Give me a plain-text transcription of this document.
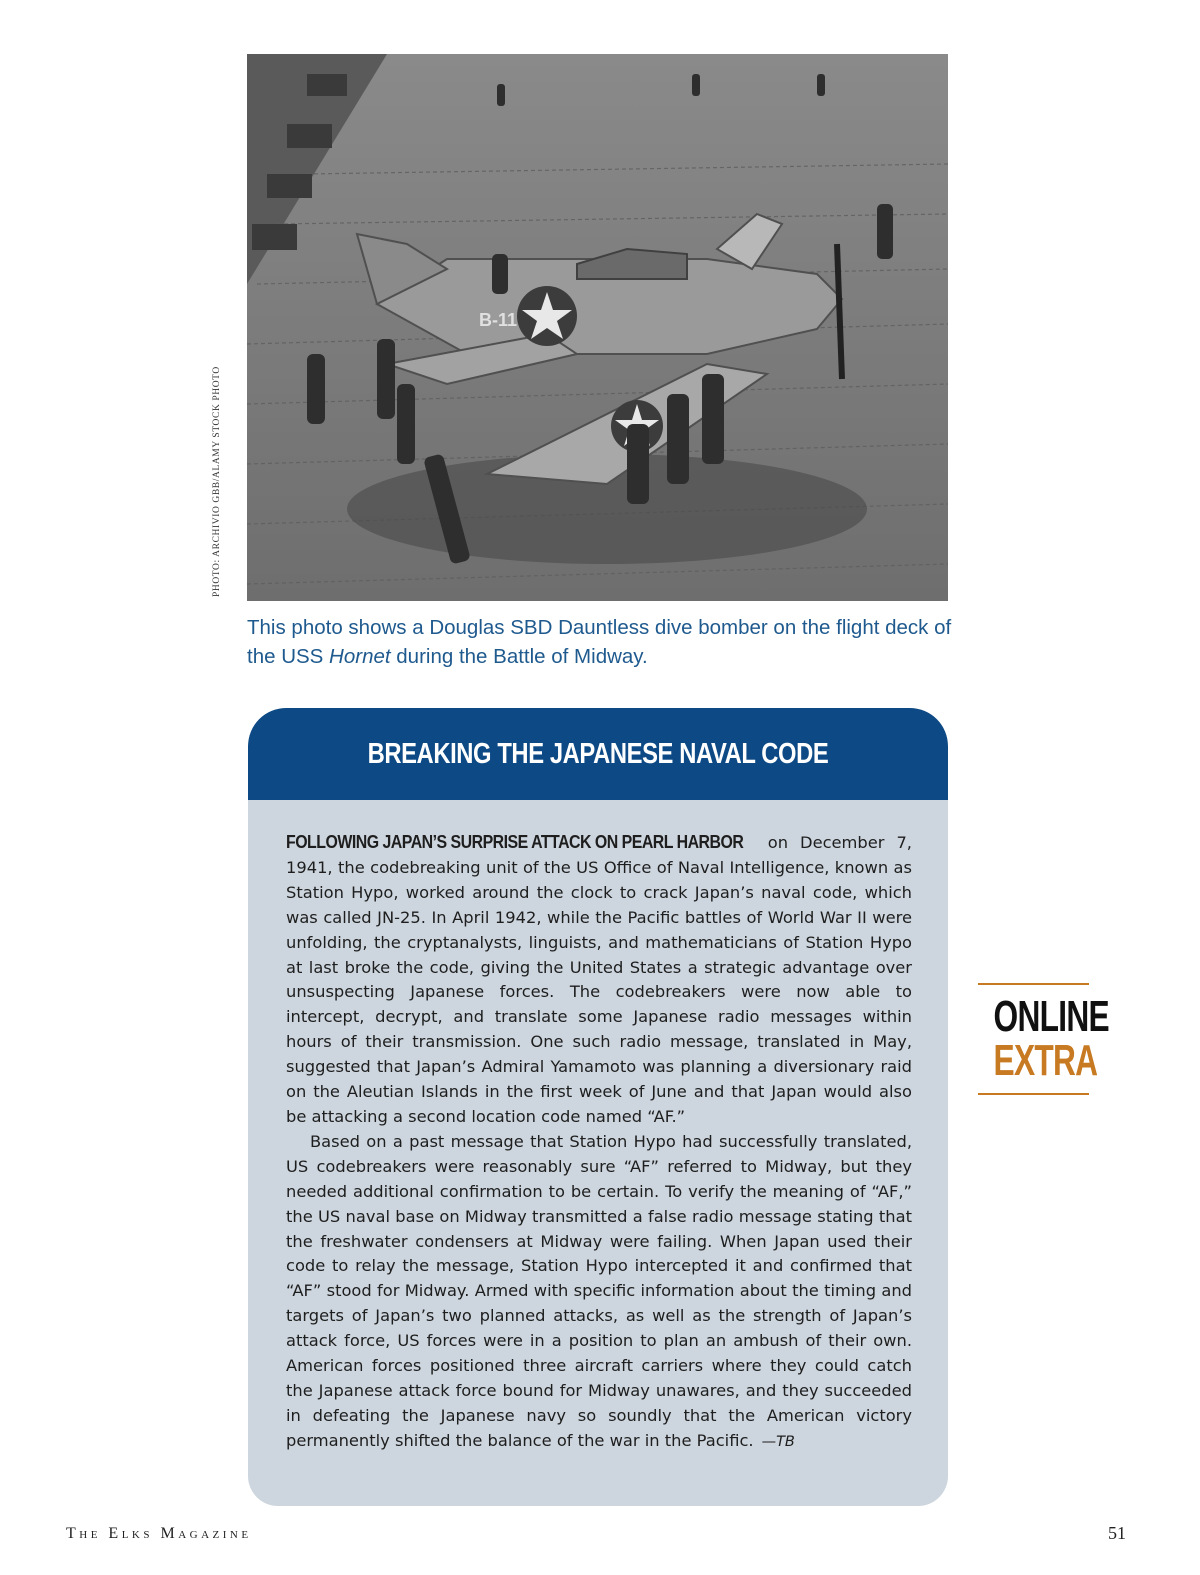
PHOTO: ARCHIVIO GBB/ALAMY STOCK PHOTO
B-11
This photo shows a Douglas SBD Dauntless dive bomber on the flight deck of the USS Hornet during the Battle of Midway.
BREAKING THE JAPANESE NAVAL CODE

FOLLOWING JAPAN’S SURPRISE ATTACK ON PEARL HARBOR on December 7, 1941, the codebreaking unit of the US Office of Naval Intelligence, known as Station Hypo, worked around the clock to crack Japan’s naval code, which was called JN-25. In April 1942, while the Pacific battles of World War II were unfolding, the cryptanalysts, linguists, and mathematicians of Station Hypo at last broke the code, giving the United States a strategic advantage over unsuspecting Japanese forces. The codebreakers were now able to intercept, decrypt, and translate some Japanese radio messages within hours of their transmission. One such radio message, translated in May, suggested that Japan’s Admiral Yamamoto was planning a diversionary raid on the Aleutian Islands in the first week of June and that Japan would also be attacking a second location code named “AF.”

Based on a past message that Station Hypo had successfully translated, US codebreakers were reasonably sure “AF” referred to Midway, but they needed additional confirmation to be certain. To verify the meaning of “AF,” the US naval base on Midway transmitted a false radio message stating that the freshwater condensers at Midway were failing. When Japan used their code to relay the message, Station Hypo intercepted it and confirmed that “AF” stood for Midway. Armed with specific information about the timing and targets of Japan’s two planned attacks, as well as the strength of Japan’s attack force, US forces were in a position to plan an ambush of their own. American forces positioned three aircraft carriers where they could catch the Japanese attack force bound for Midway unawares, and they succeeded in defeating the Japanese navy so soundly that the American victory permanently shifted the balance of the war in the Pacific. —TB

ONLINE
EXTRA
The Elks Magazine	51
